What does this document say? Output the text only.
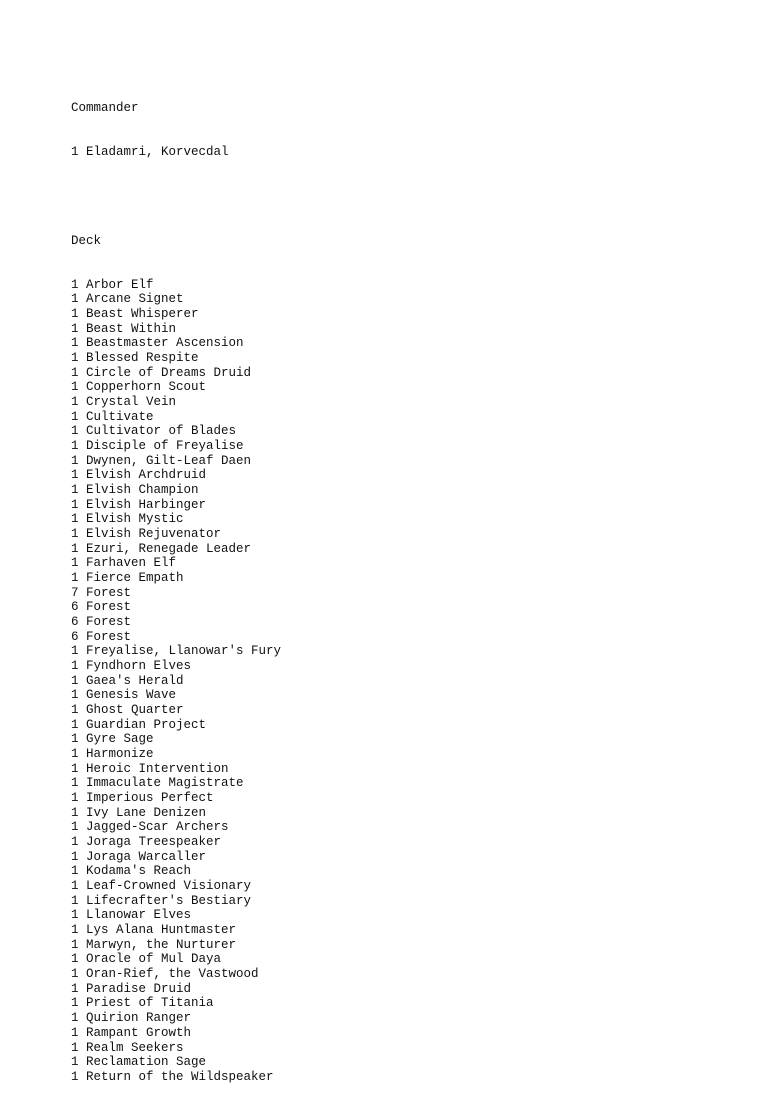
Commander

1 Eladamri, Korvecdal

Deck

1 Arbor Elf
1 Arcane Signet
1 Beast Whisperer
1 Beast Within
1 Beastmaster Ascension
1 Blessed Respite
1 Circle of Dreams Druid
1 Copperhorn Scout
1 Crystal Vein
1 Cultivate
1 Cultivator of Blades
1 Disciple of Freyalise
1 Dwynen, Gilt-Leaf Daen
1 Elvish Archdruid
1 Elvish Champion
1 Elvish Harbinger
1 Elvish Mystic
1 Elvish Rejuvenator
1 Ezuri, Renegade Leader
1 Farhaven Elf
1 Fierce Empath
7 Forest
6 Forest
6 Forest
6 Forest
1 Freyalise, Llanowar's Fury
1 Fyndhorn Elves
1 Gaea's Herald
1 Genesis Wave
1 Ghost Quarter
1 Guardian Project
1 Gyre Sage
1 Harmonize
1 Heroic Intervention
1 Immaculate Magistrate
1 Imperious Perfect
1 Ivy Lane Denizen
1 Jagged-Scar Archers
1 Joraga Treespeaker
1 Joraga Warcaller
1 Kodama's Reach
1 Leaf-Crowned Visionary
1 Lifecrafter's Bestiary
1 Llanowar Elves
1 Lys Alana Huntmaster
1 Marwyn, the Nurturer
1 Oracle of Mul Daya
1 Oran-Rief, the Vastwood
1 Paradise Druid
1 Priest of Titania
1 Quirion Ranger
1 Rampant Growth
1 Realm Seekers
1 Reclamation Sage
1 Return of the Wildspeaker
